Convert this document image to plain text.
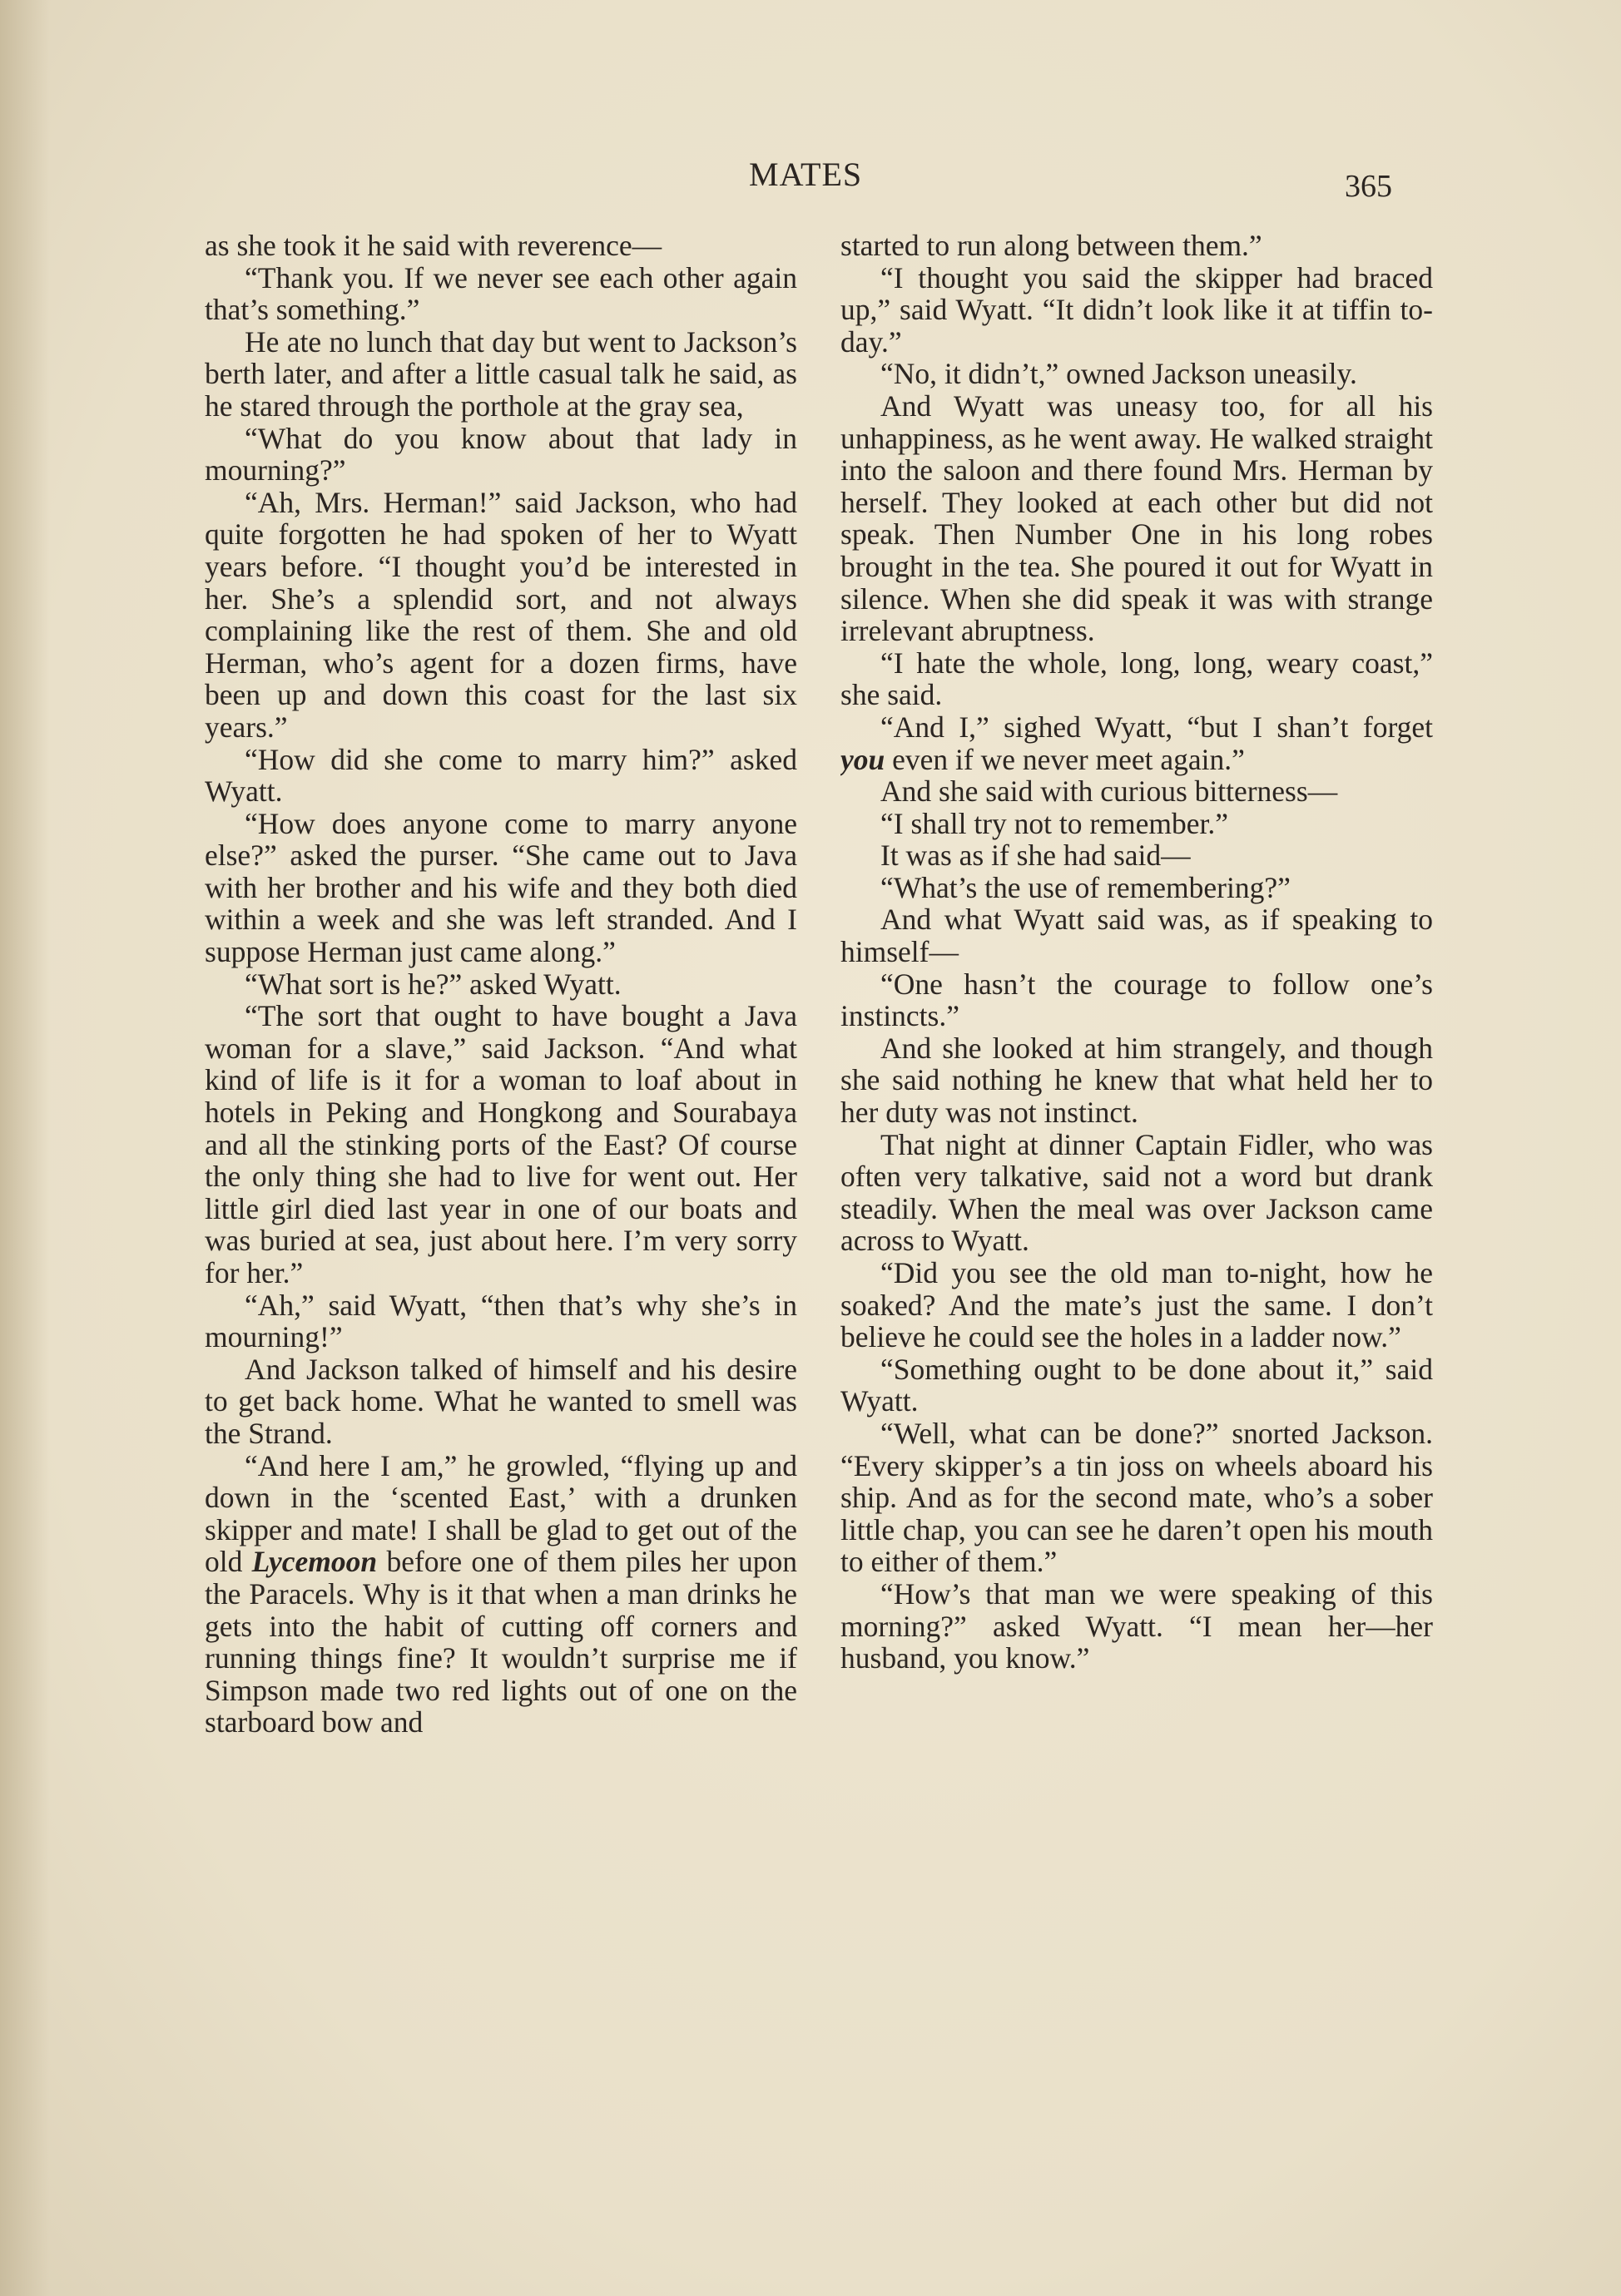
MATES	365

as she took it he said with reverence—

“Thank you. If we never see each other again that’s something.”

He ate no lunch that day but went to Jackson’s berth later, and after a little casual talk he said, as he stared through the porthole at the gray sea,

“What do you know about that lady in mourning?”

“Ah, Mrs. Herman!” said Jackson, who had quite forgotten he had spoken of her to Wyatt years before. “I thought you’d be interested in her. She’s a splendid sort, and not always complaining like the rest of them. She and old Herman, who’s agent for a dozen firms, have been up and down this coast for the last six years.”

“How did she come to marry him?” asked Wyatt.

“How does anyone come to marry anyone else?” asked the purser. “She came out to Java with her brother and his wife and they both died within a week and she was left stranded. And I suppose Herman just came along.”

“What sort is he?” asked Wyatt.

“The sort that ought to have bought a Java woman for a slave,” said Jackson. “And what kind of life is it for a woman to loaf about in hotels in Peking and Hongkong and Sourabaya and all the stinking ports of the East? Of course the only thing she had to live for went out. Her little girl died last year in one of our boats and was buried at sea, just about here. I’m very sorry for her.”

“Ah,” said Wyatt, “then that’s why she’s in mourning!”

And Jackson talked of himself and his desire to get back home. What he wanted to smell was the Strand.

“And here I am,” he growled, “flying up and down in the ‘scented East,’ with a drunken skipper and mate! I shall be glad to get out of the old Lycemoon before one of them piles her upon the Paracels. Why is it that when a man drinks he gets into the habit of cutting off corners and running things fine? It wouldn’t surprise me if Simpson made two red lights out of one on the starboard bow and

started to run along between them.”

“I thought you said the skipper had braced up,” said Wyatt. “It didn’t look like it at tiffin to-day.”

“No, it didn’t,” owned Jackson uneasily.

And Wyatt was uneasy too, for all his unhappiness, as he went away. He walked straight into the saloon and there found Mrs. Herman by herself. They looked at each other but did not speak. Then Number One in his long robes brought in the tea. She poured it out for Wyatt in silence. When she did speak it was with strange irrelevant abruptness.

“I hate the whole, long, long, weary coast,” she said.

“And I,” sighed Wyatt, “but I shan’t forget you even if we never meet again.”

And she said with curious bitterness—

“I shall try not to remember.”

It was as if she had said—

“What’s the use of remembering?”

And what Wyatt said was, as if speaking to himself—

“One hasn’t the courage to follow one’s instincts.”

And she looked at him strangely, and though she said nothing he knew that what held her to her duty was not instinct.

That night at dinner Captain Fidler, who was often very talkative, said not a word but drank steadily. When the meal was over Jackson came across to Wyatt.

“Did you see the old man to-night, how he soaked? And the mate’s just the same. I don’t believe he could see the holes in a ladder now.”

“Something ought to be done about it,” said Wyatt.

“Well, what can be done?” snorted Jackson. “Every skipper’s a tin joss on wheels aboard his ship. And as for the second mate, who’s a sober little chap, you can see he daren’t open his mouth to either of them.”

“How’s that man we were speaking of this morning?” asked Wyatt. “I mean her—her husband, you know.”
